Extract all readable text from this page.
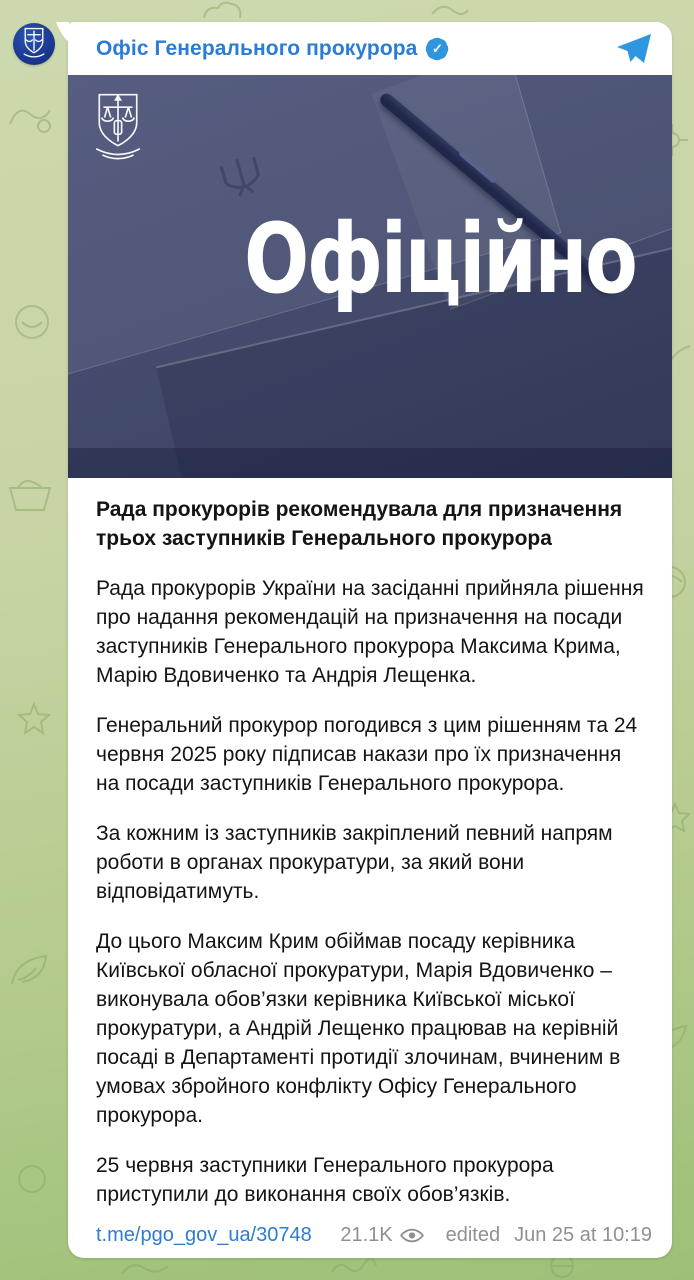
Офіс Генерального прокурора	✓
Офіційно

Рада прокурорів рекомендувала для призначення трьох заступників Генерального прокурора

Рада прокурорів України на засіданні прийняла рішення про надання рекомендацій на призначення на посади заступників Генерального прокурора Максима Крима, Марію Вдовиченко та Андрія Лещенка.

Генеральний прокурор погодився з цим рішенням та 24 червня 2025 року підписав накази про їх призначення на посади заступників Генерального прокурора.

За кожним із заступників закріплений певний напрям роботи в органах прокуратури, за який вони відповідатимуть.

До цього Максим Крим обіймав посаду керівника Київської обласної прокуратури, Марія Вдовиченко – виконувала обов’язки керівника Київської міської прокуратури, а Андрій Лещенко працював на керівній посаді в Департаменті протидії злочинам, вчиненим в умовах збройного конфлікту Офісу Генерального прокурора.

25 червня заступники Генерального прокурора приступили до виконання своїх обов’язків.

t.me/pgo_gov_ua/30748 21.1K	edited Jun 25 at 10:19
